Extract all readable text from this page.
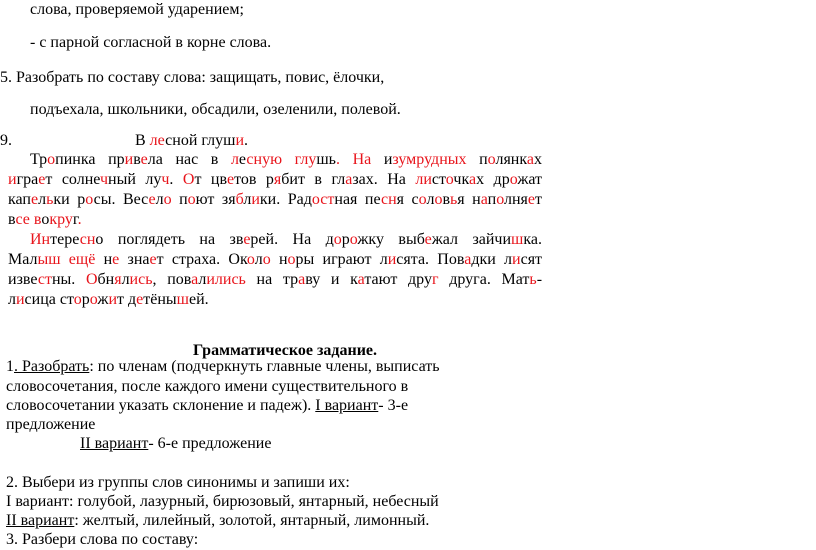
слова, проверяемой ударением;
- с парной согласной в корне слова.
5. Разобрать по составу слова: защищать, повис, ёлочки,
подъехала, школьники, обсадили, озеленили, полевой.
9.	В лесной глуши.
Тропинка привела нас в лесную глушь. На изумрудных полянках
играет солнечный луч. От цветов рябит в глазах. На листочках дрожат
капельки росы. Весело поют зяблики. Радостная песня соловья наполняет
все вокруг.
Интересно поглядеть на зверей. На дорожку выбежал зайчишка.
Малыш ещё не знает страха. Около норы играют лисята. Повадки лисят
известны. Обнялись, повалились на траву и катают друг друга. Мать-
лисица сторожит детёнышей.
Грамматическое задание.
1. Разобрать: по членам (подчеркнуть главные члены, выписать
словосочетания, после каждого имени существительного в
словосочетании указать склонение и падеж). I вариант- 3-е
предложение
II вариант- 6-е предложение
2. Выбери из группы слов синонимы и запиши их:
I вариант: голубой, лазурный, бирюзовый, янтарный, небесный
II вариант: желтый, лилейный, золотой, янтарный, лимонный.
3. Разбери слова по составу:
